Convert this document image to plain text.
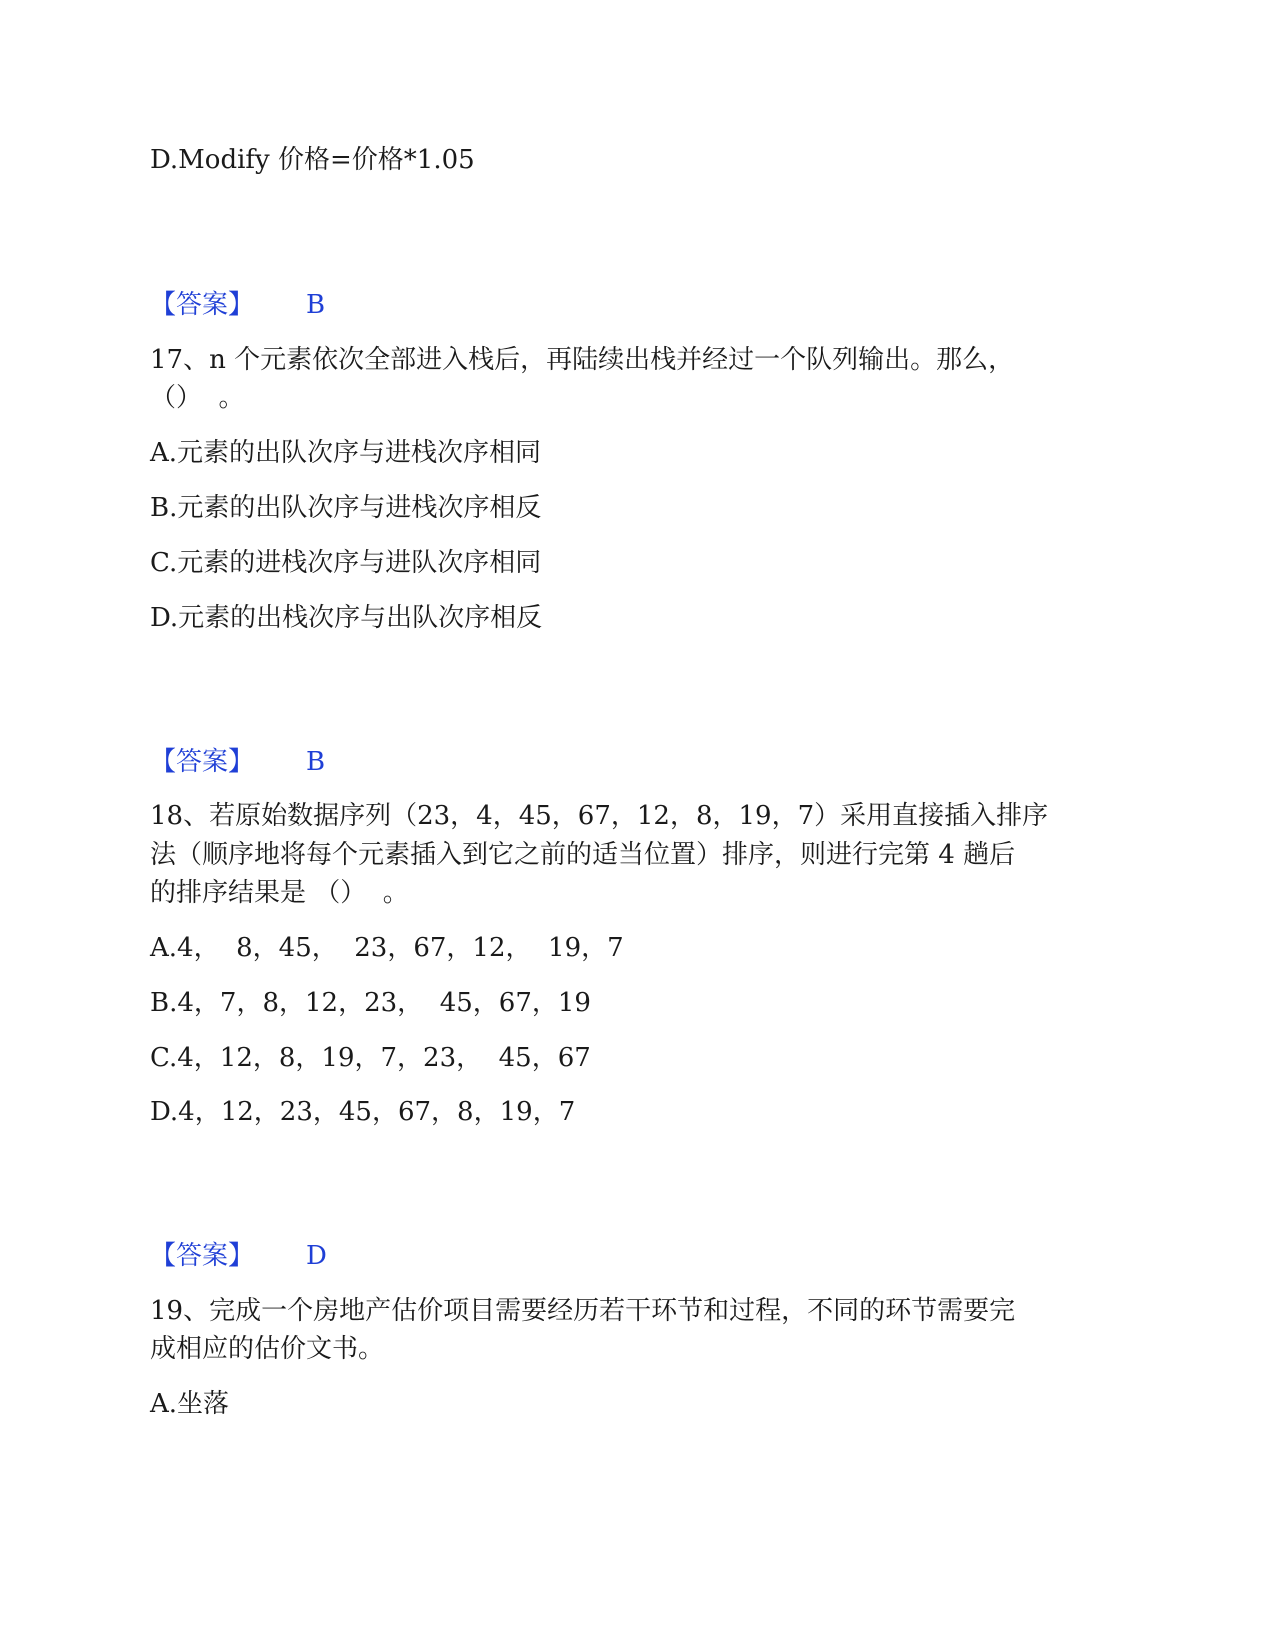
D.Modify 价格=价格*1.05
【答案】 B
17、n 个元素依次全部进入栈后，再陆续出栈并经过一个队列输出。那么，
（）  。
A.元素的出队次序与进栈次序相同
B.元素的出队次序与进栈次序相反
C.元素的进栈次序与进队次序相同
D.元素的出栈次序与出队次序相反
【答案】 B
18、若原始数据序列（23，4，45，67，12，8，19，7）采用直接插入排序
法（顺序地将每个元素插入到它之前的适当位置）排序，则进行完第 4 趟后
的排序结果是 （）  。
A.4，  8，45，  23，67，12，  19，7
B.4，7，8，12，23，  45，67，19
C.4，12，8，19，7，23，  45，67
D.4，12，23，45，67，8，19，7
【答案】 D
19、完成一个房地产估价项目需要经历若干环节和过程，不同的环节需要完
成相应的估价文书。
A.坐落
